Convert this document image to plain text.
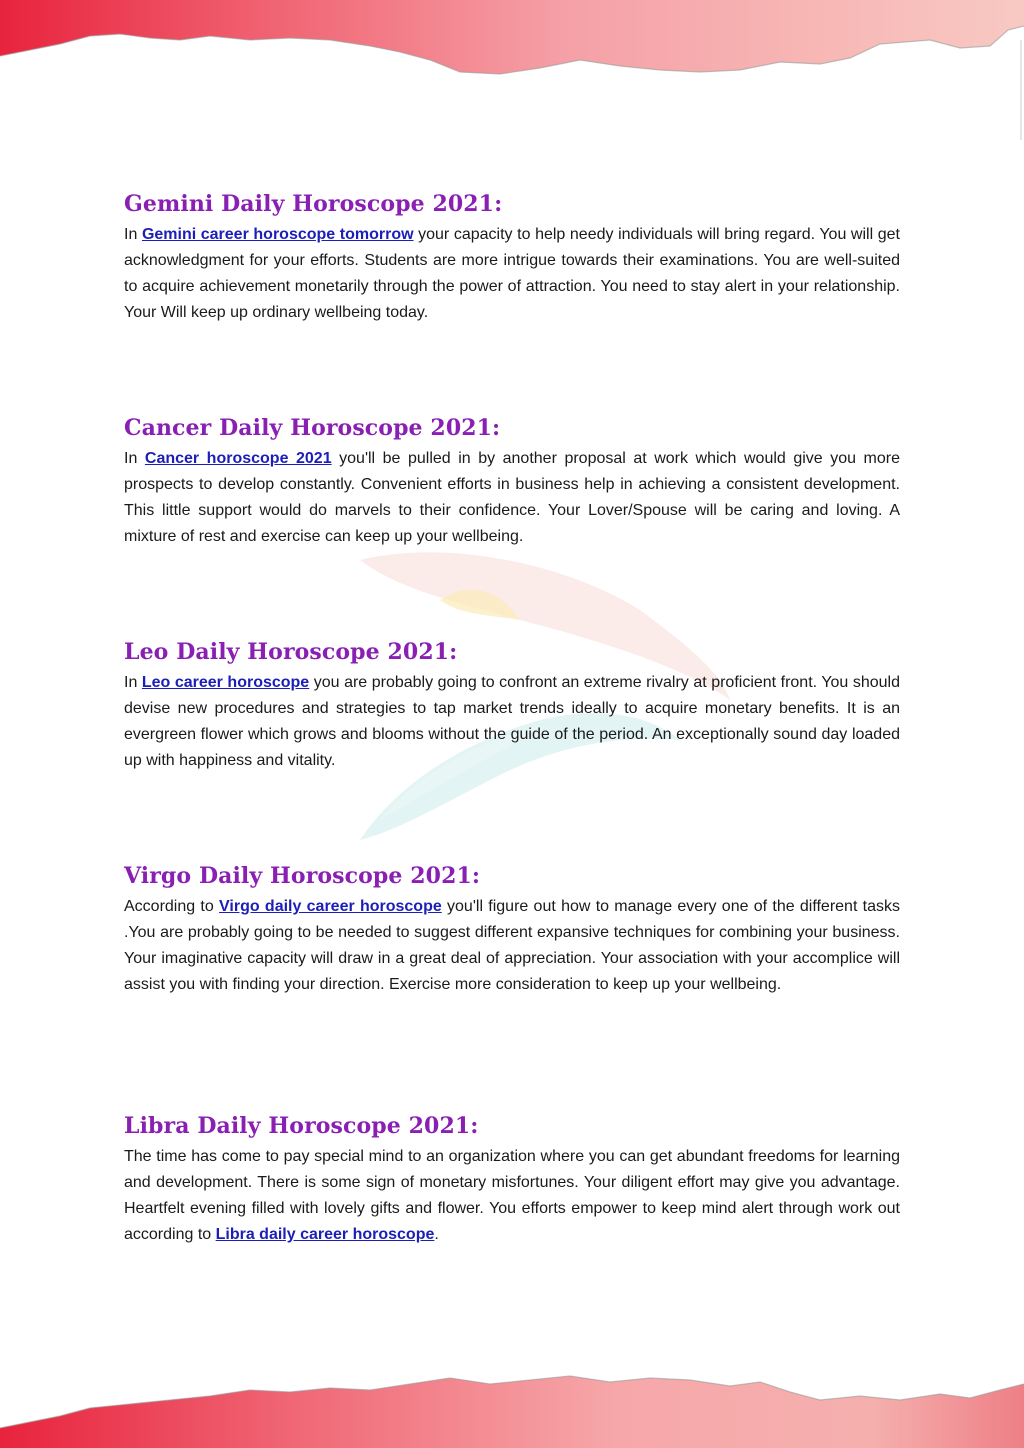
Gemini Daily Horoscope 2021:

In Gemini career horoscope tomorrow your capacity to help needy individuals will bring regard. You will get acknowledgment for your efforts. Students are more intrigue towards their examinations. You are well-suited to acquire achievement monetarily through the power of attraction. You need to stay alert in your relationship. Your Will keep up ordinary wellbeing today.

Cancer Daily Horoscope 2021:

In Cancer horoscope 2021 you'll be pulled in by another proposal at work which would give you more prospects to develop constantly. Convenient efforts in business help in achieving a consistent development. This little support would do marvels to their confidence. Your Lover/Spouse will be caring and loving. A mixture of rest and exercise can keep up your wellbeing.

Leo Daily Horoscope 2021:

In Leo career horoscope you are probably going to confront an extreme rivalry at proficient front. You should devise new procedures and strategies to tap market trends ideally to acquire monetary benefits. It is an evergreen flower which grows and blooms without the guide of the period. An exceptionally sound day loaded up with happiness and vitality.

Virgo Daily Horoscope 2021:

According to Virgo daily career horoscope you'll figure out how to manage every one of the different tasks .You are probably going to be needed to suggest different expansive techniques for combining your business. Your imaginative capacity will draw in a great deal of appreciation. Your association with your accomplice will assist you with finding your direction. Exercise more consideration to keep up your wellbeing.

Libra Daily Horoscope 2021:

The time has come to pay special mind to an organization where you can get abundant freedoms for learning and development. There is some sign of monetary misfortunes. Your diligent effort may give you advantage. Heartfelt evening filled with lovely gifts and flower. You efforts empower to keep mind alert through work out according to Libra daily career horoscope.
